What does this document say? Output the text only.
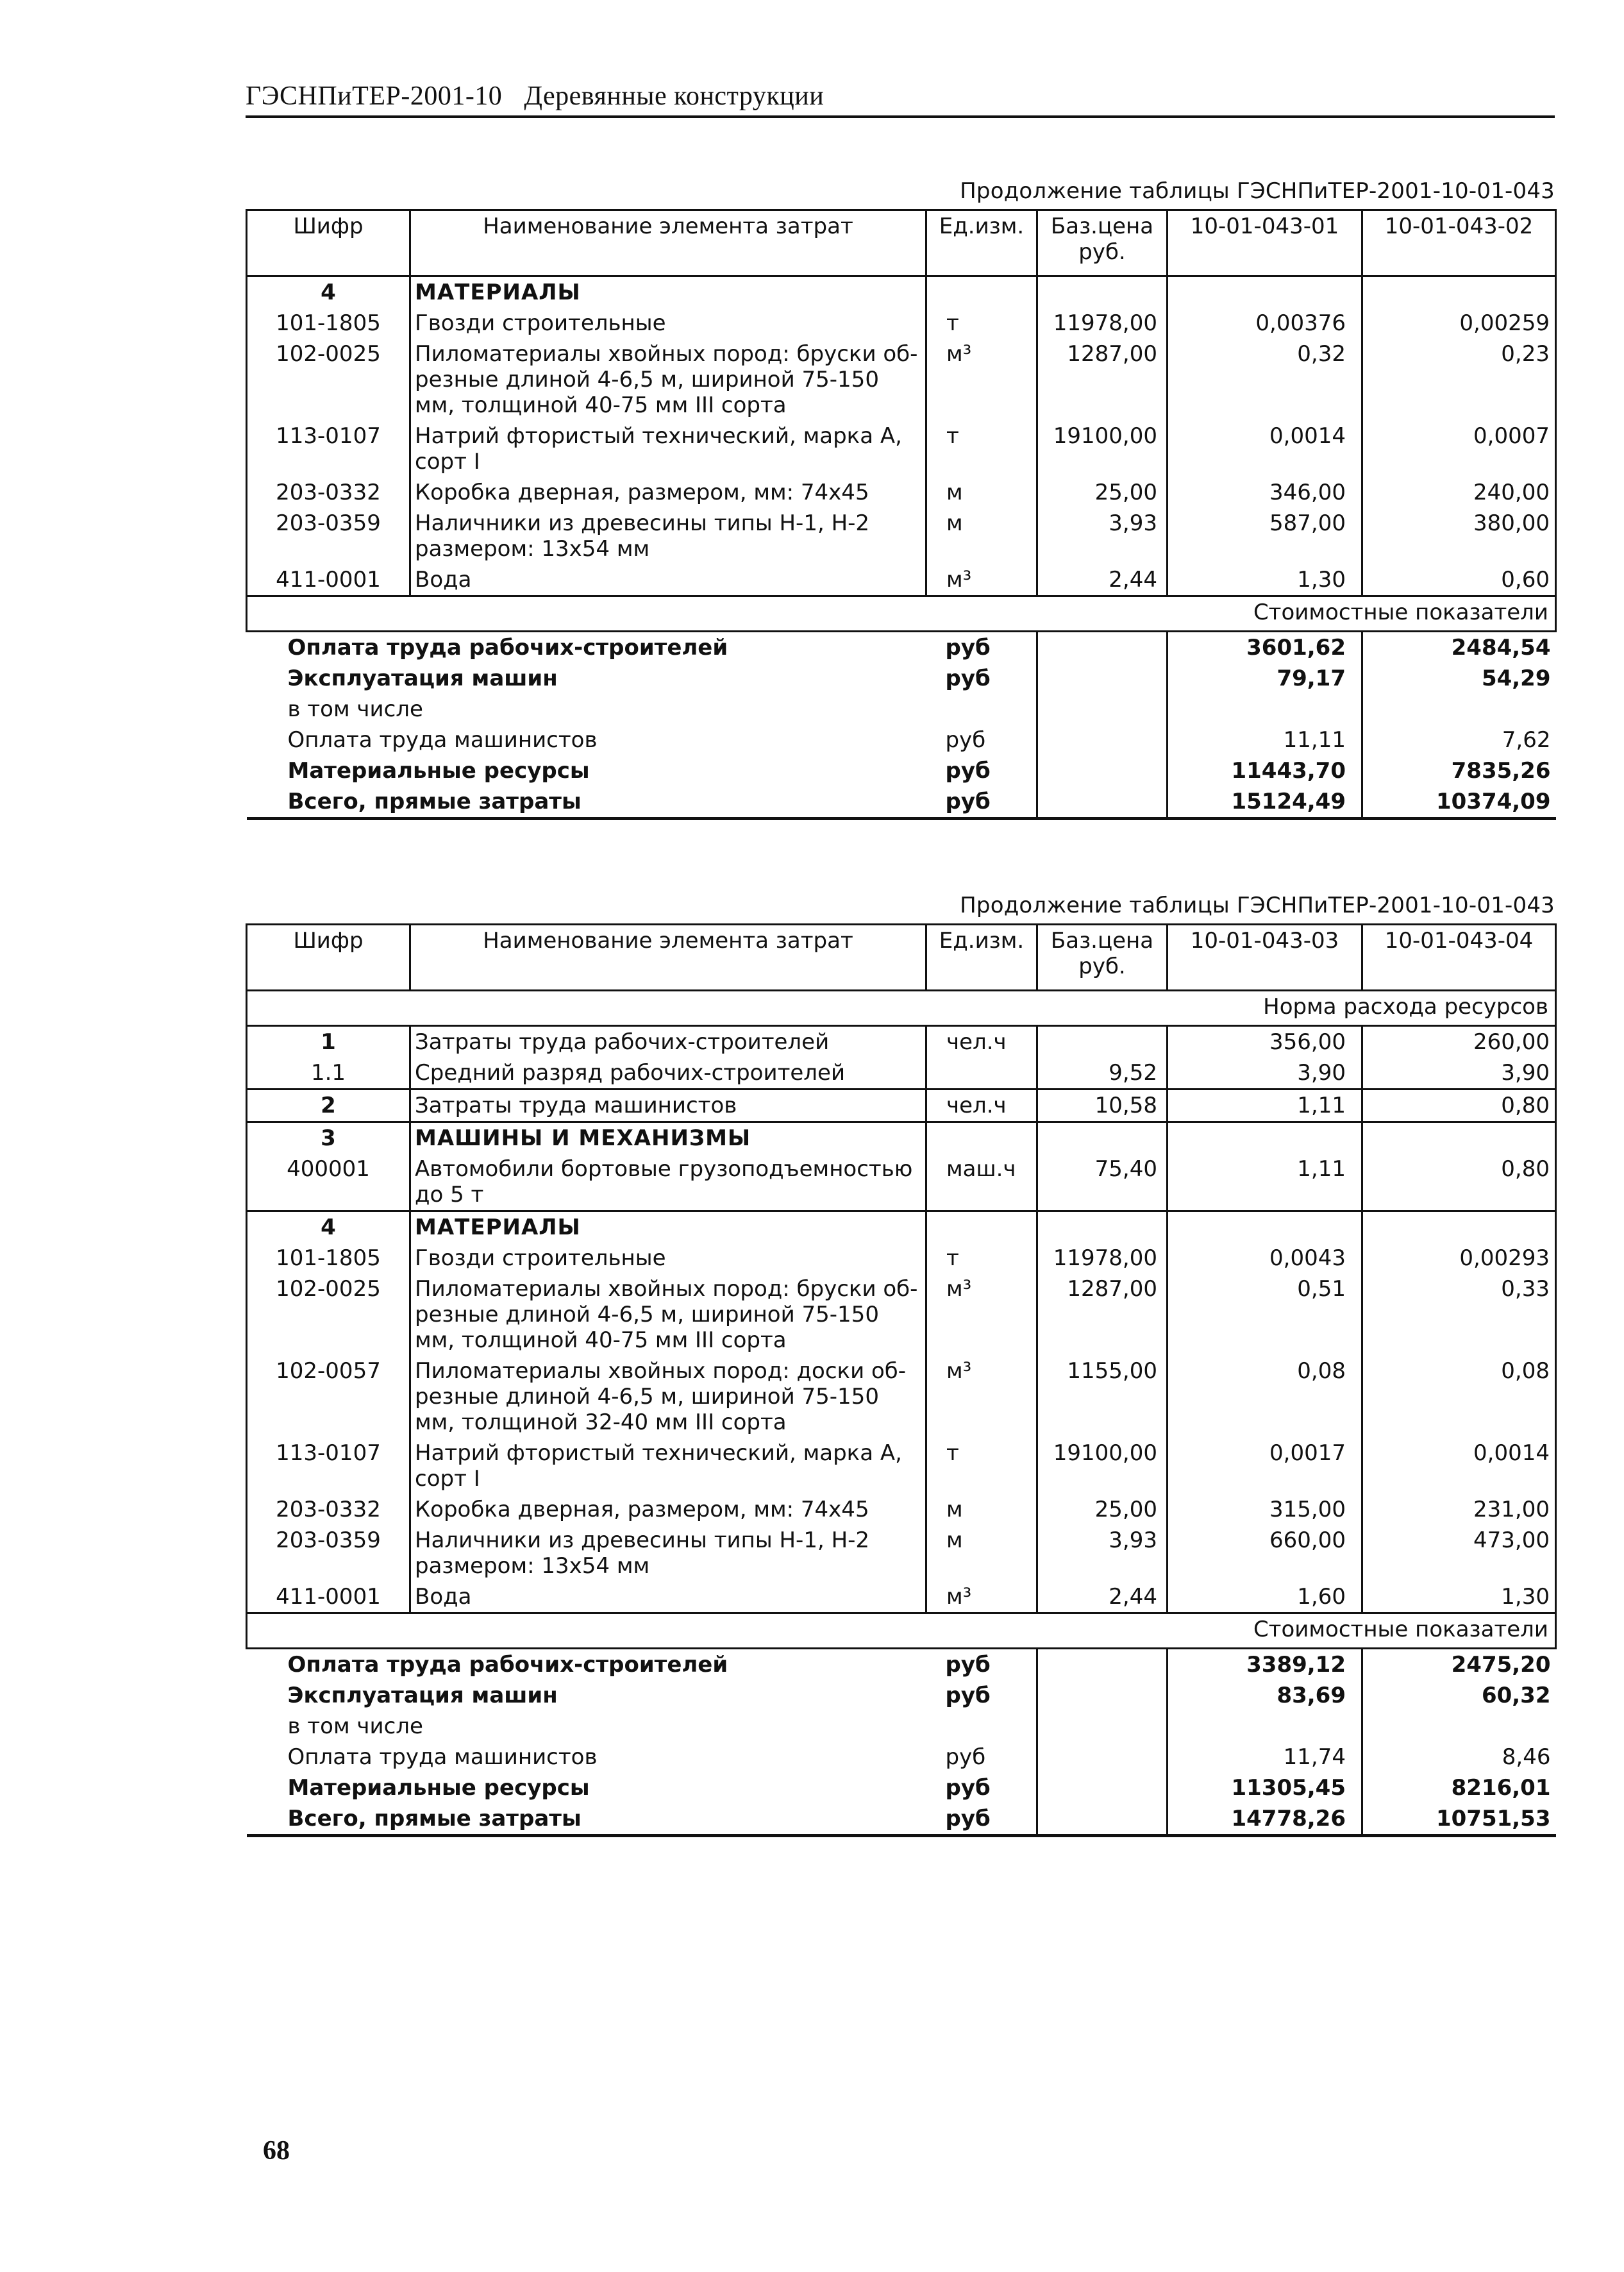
ГЭСНПиТЕР-2001-10 Деревянные конструкции
Продолжение таблицы ГЭСНПиТЕР-2001-10-01-043
Шифр	Наименование элемента затрат	Ед.изм.	Баз.цена руб.	10-01-043-01	10-01-043-02
4	МАТЕРИАЛЫ				
101-1805	Гвозди строительные	т	11978,00	0,00376	0,00259
102-0025	Пиломатериалы хвойных пород: бруски об-резные длиной 4-6,5 м, шириной 75-150 мм, толщиной 40-75 мм III сорта	м³	1287,00	0,32	0,23
113-0107	Натрий фтористый технический, марка А, сорт I	т	19100,00	0,0014	0,0007
203-0332	Коробка дверная, размером, мм: 74х45	м	25,00	346,00	240,00
203-0359	Наличники из древесины типы Н-1, Н-2 размером: 13х54 мм	м	3,93	587,00	380,00
411-0001	Вода	м³	2,44	1,30	0,60
Стоимостные показатели					
Оплата труда рабочих-строителей		руб		3601,62	2484,54
Эксплуатация машин		руб		79,17	54,29
в том числе					
Оплата труда машинистов		руб		11,11	7,62
Материальные ресурсы		руб		11443,70	7835,26
Всего, прямые затраты		руб		15124,49	10374,09
Продолжение таблицы ГЭСНПиТЕР-2001-10-01-043
Шифр	Наименование элемента затрат	Ед.изм.	Баз.цена руб.	10-01-043-03	10-01-043-04
Норма расхода ресурсов					
1	Затраты труда рабочих-строителей	чел.ч		356,00	260,00
1.1	Средний разряд рабочих-строителей		9,52	3,90	3,90
2	Затраты труда машинистов	чел.ч	10,58	1,11	0,80
3	МАШИНЫ И МЕХАНИЗМЫ				
400001	Автомобили бортовые грузоподъемностью до 5 т	маш.ч	75,40	1,11	0,80
4	МАТЕРИАЛЫ				
101-1805	Гвозди строительные	т	11978,00	0,0043	0,00293
102-0025	Пиломатериалы хвойных пород: бруски об-резные длиной 4-6,5 м, шириной 75-150 мм, толщиной 40-75 мм III сорта	м³	1287,00	0,51	0,33
102-0057	Пиломатериалы хвойных пород: доски об-резные длиной 4-6,5 м, шириной 75-150 мм, толщиной 32-40 мм III сорта	м³	1155,00	0,08	0,08
113-0107	Натрий фтористый технический, марка А, сорт I	т	19100,00	0,0017	0,0014
203-0332	Коробка дверная, размером, мм: 74х45	м	25,00	315,00	231,00
203-0359	Наличники из древесины типы Н-1, Н-2 размером: 13х54 мм	м	3,93	660,00	473,00
411-0001	Вода	м³	2,44	1,60	1,30
Стоимостные показатели					
Оплата труда рабочих-строителей		руб		3389,12	2475,20
Эксплуатация машин		руб		83,69	60,32
в том числе					
Оплата труда машинистов		руб		11,74	8,46
Материальные ресурсы		руб		11305,45	8216,01
Всего, прямые затраты		руб		14778,26	10751,53
68
